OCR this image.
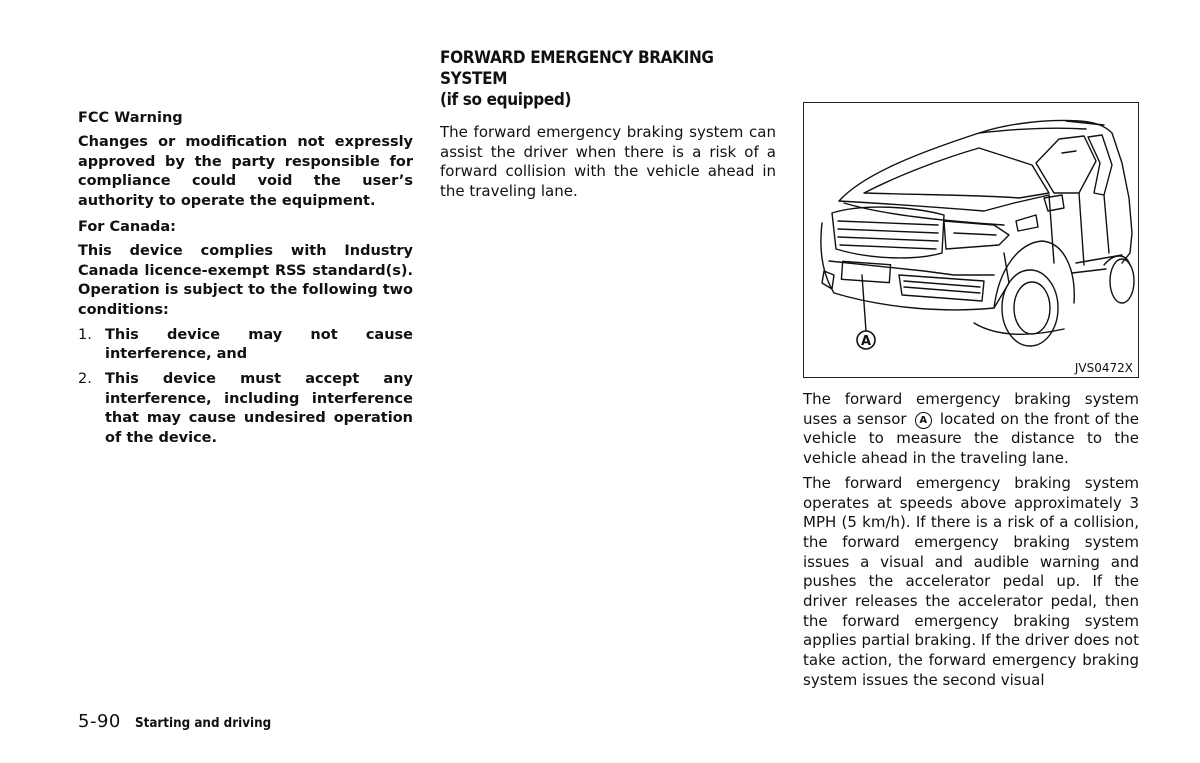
FCC Warning
Changes or modification not expressly approved by the party responsible for compliance could void the user’s authority to operate the equipment.
For Canada:
This device complies with Industry Canada licence-exempt RSS standard(s). Operation is subject to the following two conditions:
1. This device may not cause interference, and
2. This device must accept any interference, including interference that may cause undesired operation of the device.
FORWARD EMERGENCY BRAKING SYSTEM
(if so equipped)
The forward emergency braking system can assist the driver when there is a risk of a forward collision with the vehicle ahead in the traveling lane.
A
JVS0472X
The forward emergency braking system uses a sensor A located on the front of the vehicle to measure the distance to the vehicle ahead in the traveling lane.
The forward emergency braking system operates at speeds above approximately 3 MPH (5 km/h). If there is a risk of a collision, the forward emergency braking system issues a visual and audible warning and pushes the accelerator pedal up. If the driver releases the accelerator pedal, then the forward emergency braking system applies partial braking. If the driver does not take action, the forward emergency braking system issues the second visual
5-90 Starting and driving
